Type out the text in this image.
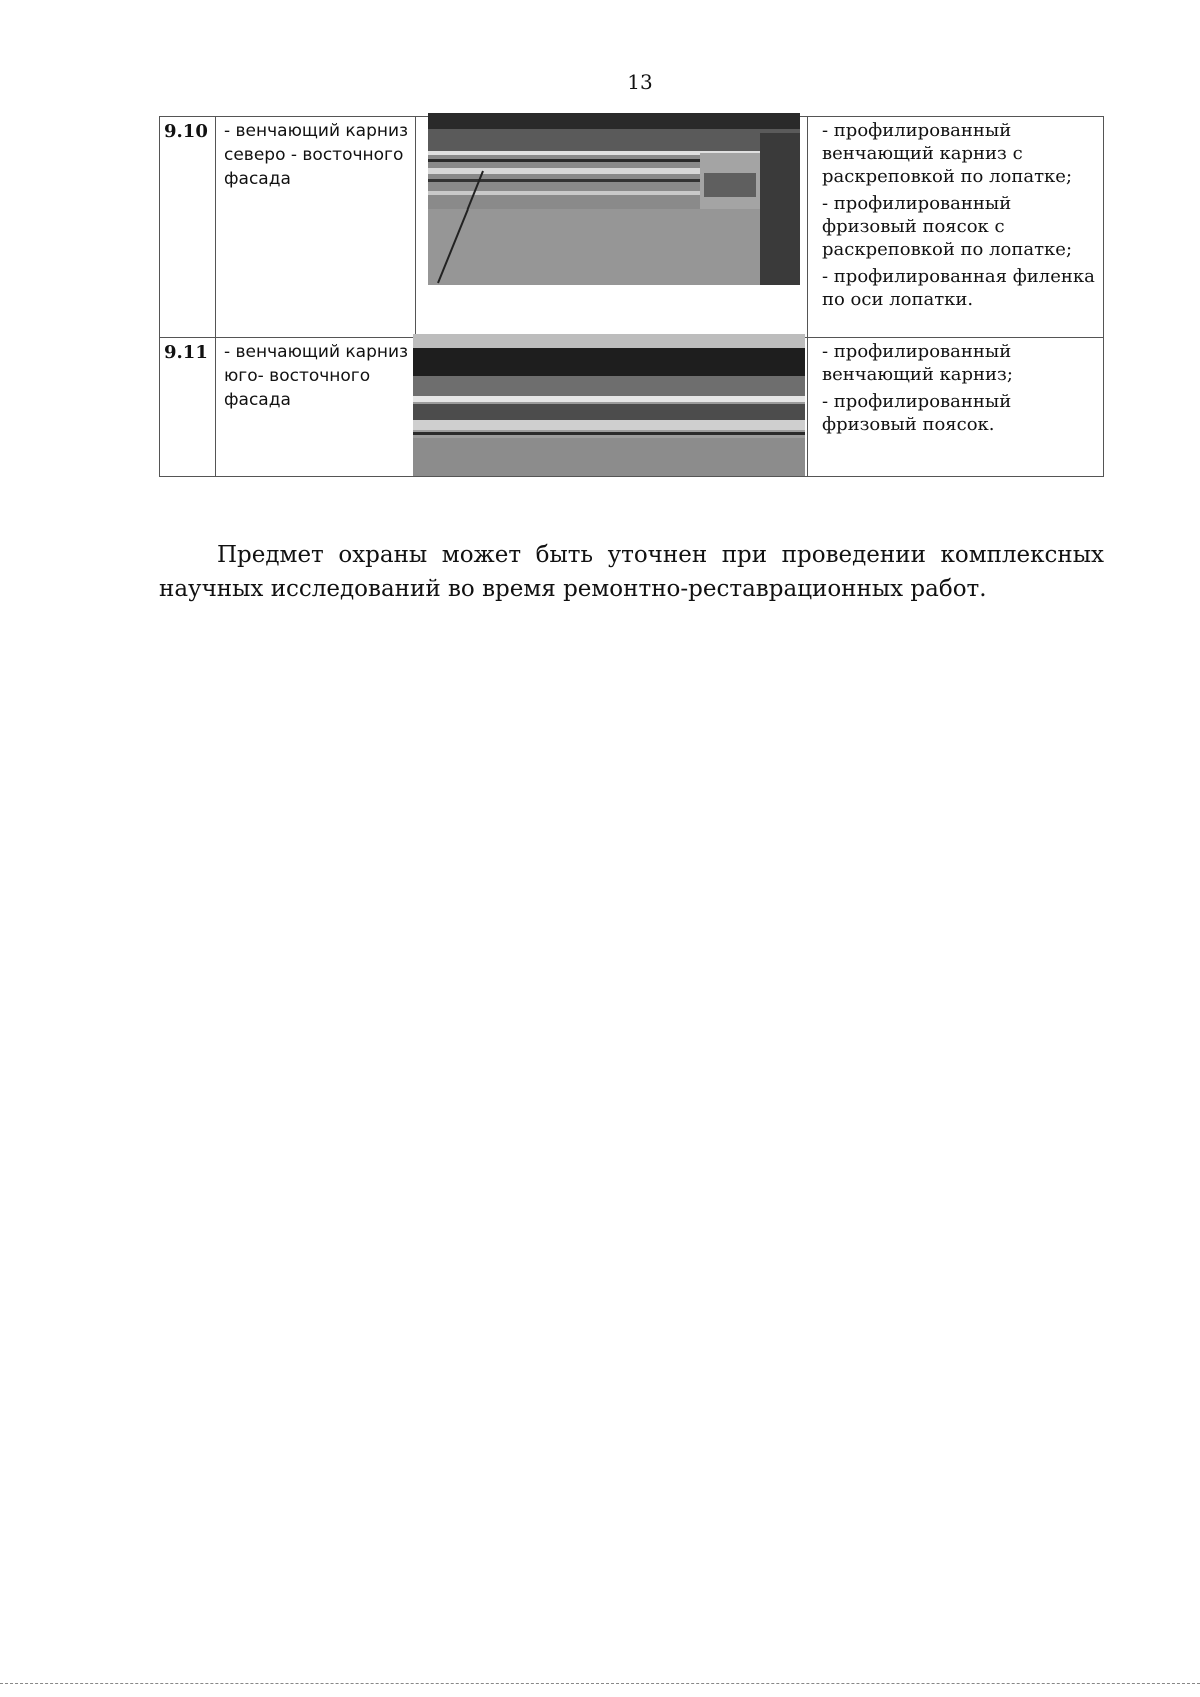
13
9.10 - венчающий карниз северо - восточного фасада
- профилированный венчающий карниз с раскреповкой по лопатке;
- профилированный фризовый поясок с раскреповкой по лопатке;
- профилированная филенка по оси лопатки.
9.11 - венчающий карниз юго- восточного фасада
- профилированный венчающий карниз;
- профилированный фризовый поясок.

Предмет охраны может быть уточнен при проведении комплексных научных исследований во время ремонтно-реставрационных работ.
